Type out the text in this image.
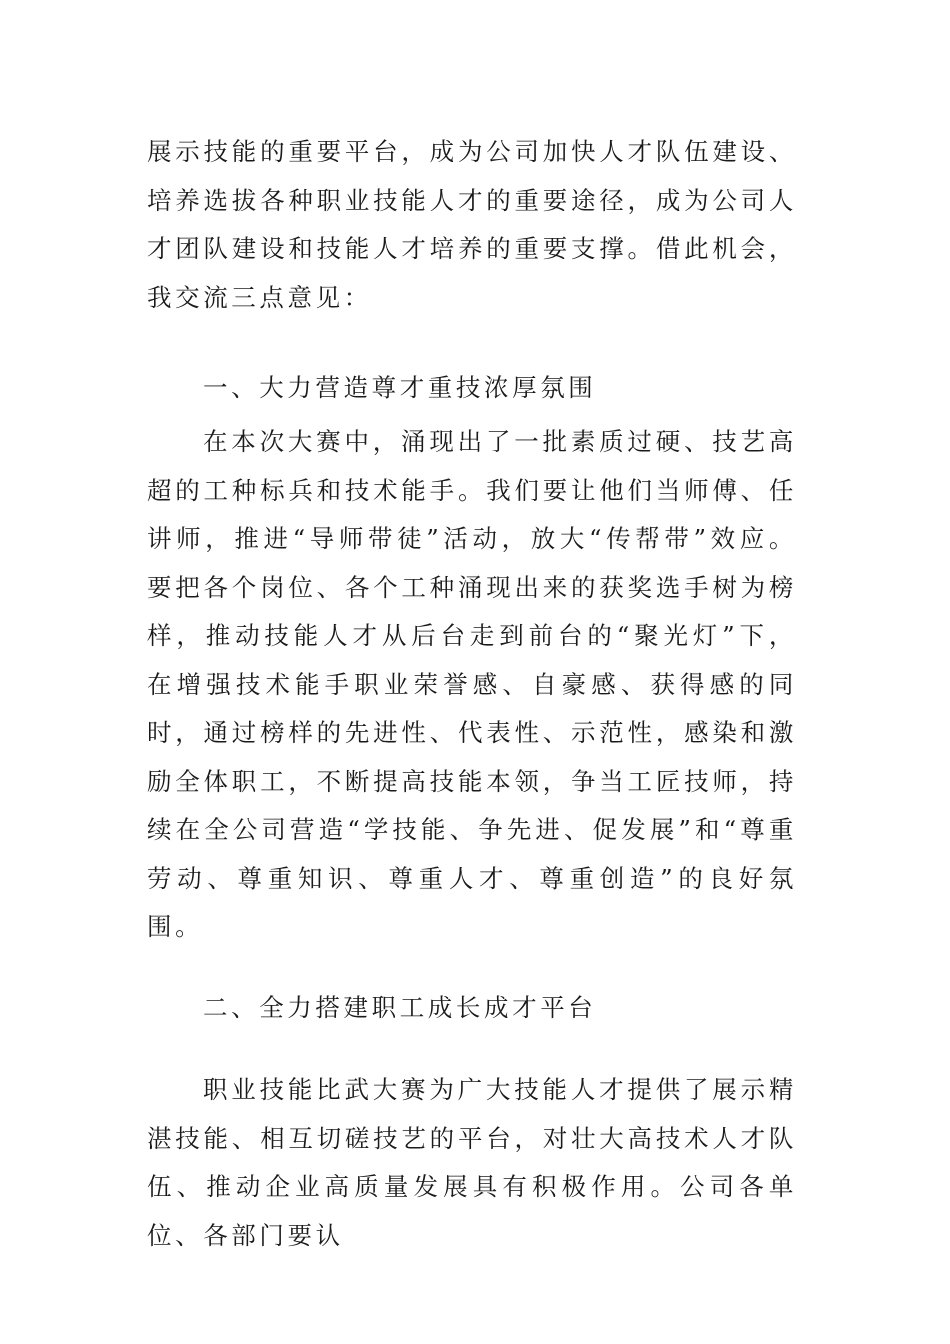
展示技能的重要平台，成为公司加快人才队伍建设、培养选拔各种职业技能人才的重要途径，成为公司人才团队建设和技能人才培养的重要支撑。借此机会，我交流三点意见：

一、大力营造尊才重技浓厚氛围

在本次大赛中，涌现出了一批素质过硬、技艺高超的工种标兵和技术能手。我们要让他们当师傅、任讲师，推进“导师带徒”活动，放大“传帮带”效应。要把各个岗位、各个工种涌现出来的获奖选手树为榜样，推动技能人才从后台走到前台的“聚光灯”下，在增强技术能手职业荣誉感、自豪感、获得感的同时，通过榜样的先进性、代表性、示范性，感染和激励全体职工，不断提高技能本领，争当工匠技师，持续在全公司营造“学技能、争先进、促发展”和“尊重劳动、尊重知识、尊重人才、尊重创造”的良好氛围。

二、全力搭建职工成长成才平台

职业技能比武大赛为广大技能人才提供了展示精湛技能、相互切磋技艺的平台，对壮大高技术人才队伍、推动企业高质量发展具有积极作用。公司各单位、各部门要认
